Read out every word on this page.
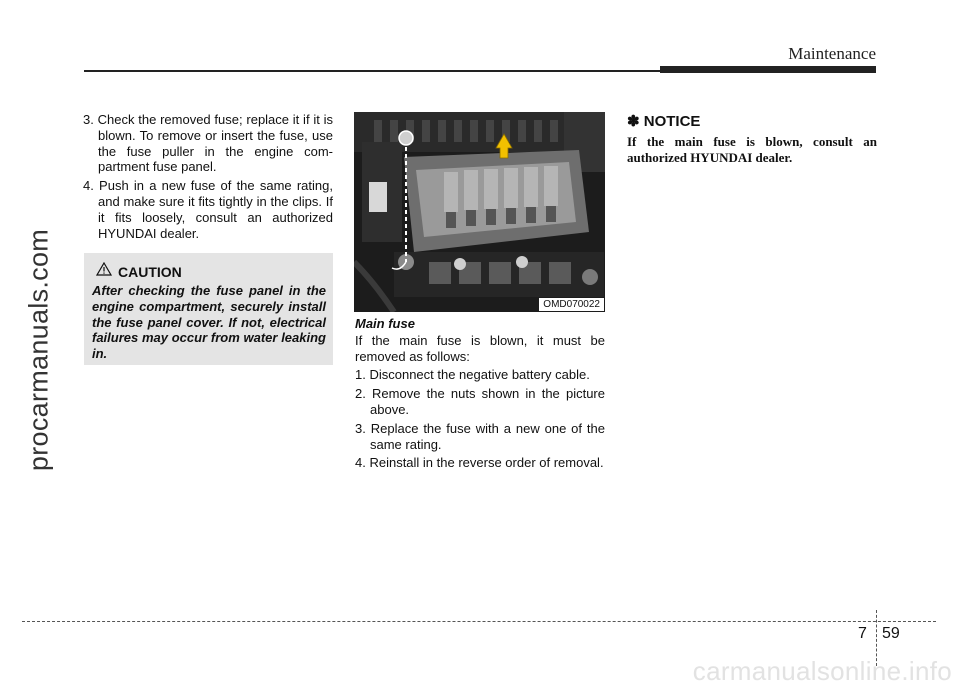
Maintenance
procarmanuals.com
3. Check the removed fuse; replace it if it is blown. To remove or insert the fuse, use the fuse puller in the engine com-partment fuse panel.
4. Push in a new fuse of the same rating, and make sure it fits tightly in the clips. If it fits loosely, consult an authorized HYUNDAI dealer.
CAUTION
After checking the fuse panel in the engine compartment, securely install the fuse panel cover. If not, electrical failures may occur from water leaking in.
OMD070022
Main fuse
If the main fuse is blown, it must be removed as follows:
1. Disconnect the negative battery cable.
2. Remove the nuts shown in the picture above.
3. Replace the fuse with a new one of the same rating.
4. Reinstall in the reverse order of removal.
✽ NOTICE
If the main fuse is blown, consult an authorized HYUNDAI dealer.
7 59
carmanualsonline.info
